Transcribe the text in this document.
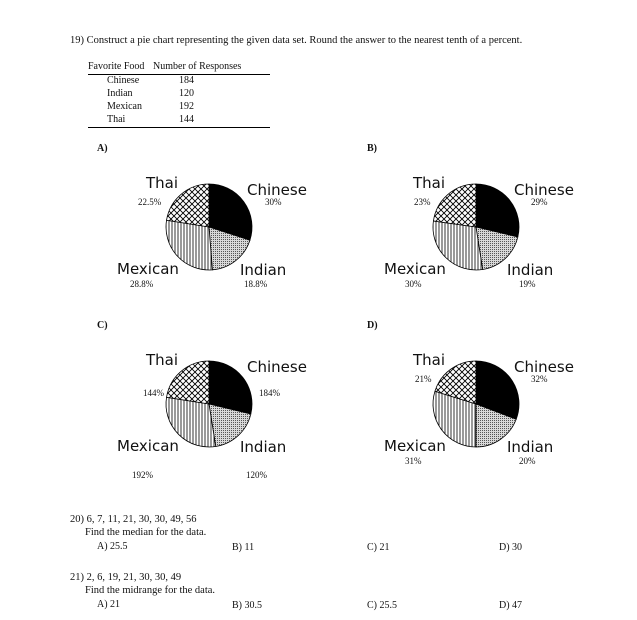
19) Construct a pie chart representing the given data set. Round the answer to the nearest tenth of a percent.
Favorite Food Number of Responses
Chinese	184
Indian	120
Mexican	192
Thai	144
A)
Thai
22.5%
Chinese
30%
Mexican
28.8%
Indian
18.8%
B)
Thai
23%
Chinese
29%
Mexican
30%
Indian
19%
C)
Thai
144%
Chinese
184%
Mexican
192%
Indian
120%
D)
Thai
21%
Chinese
32%
Mexican
31%
Indian
20%
20) 6, 7, 11, 21, 30, 30, 49, 56
Find the median for the data.
A) 25.5	B) 11	C) 21	D) 30
21) 2, 6, 19, 21, 30, 30, 49
Find the midrange for the data.
A) 21	B) 30.5	C) 25.5	D) 47
